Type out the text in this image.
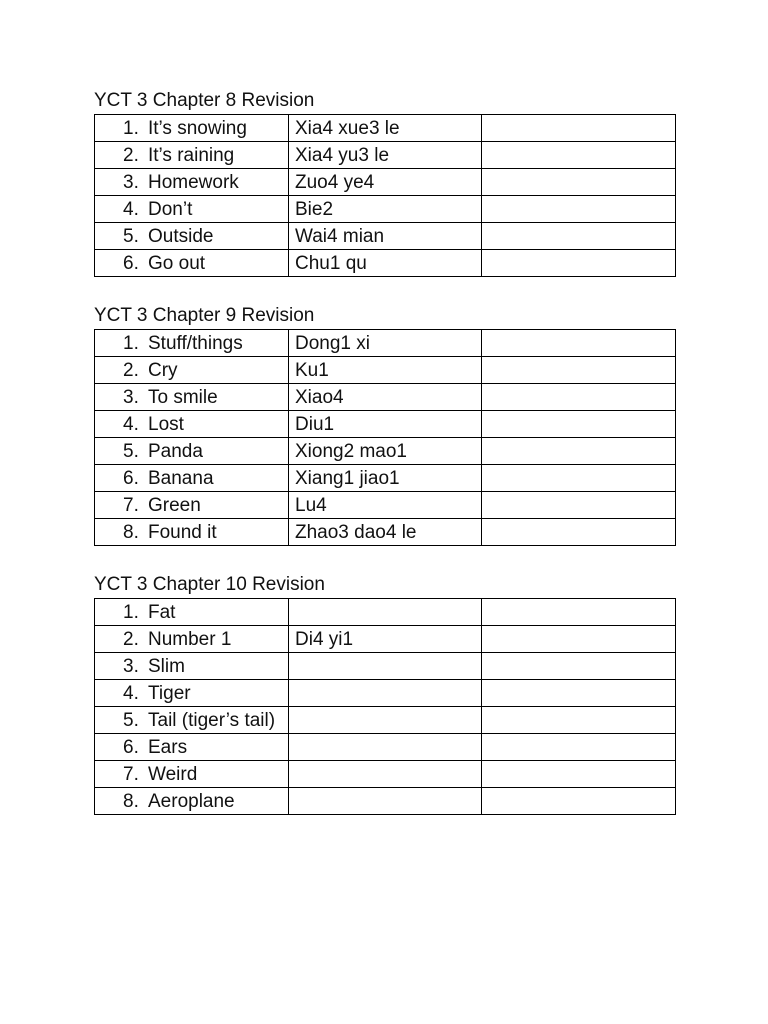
YCT 3 Chapter 8 Revision
1. It’s snowing	Xia4 xue3 le	

2. It’s raining	Xia4 yu3 le	

3. Homework	Zuo4 ye4	

4. Don’t	Bie2	

5. Outside	Wai4 mian	

6. Go out	Chu1 qu	
YCT 3 Chapter 9 Revision
1. Stuff/things	Dong1 xi	

2. Cry	Ku1	

3. To smile	Xiao4	

4. Lost	Diu1	

5. Panda	Xiong2 mao1	

6. Banana	Xiang1 jiao1	

7. Green	Lu4	

8. Found it	Zhao3 dao4 le	
YCT 3 Chapter 10 Revision
1. Fat		

2. Number 1	Di4 yi1	

3. Slim		

4. Tiger		

5. Tail (tiger’s tail)		

6. Ears		

7. Weird		

8. Aeroplane		
